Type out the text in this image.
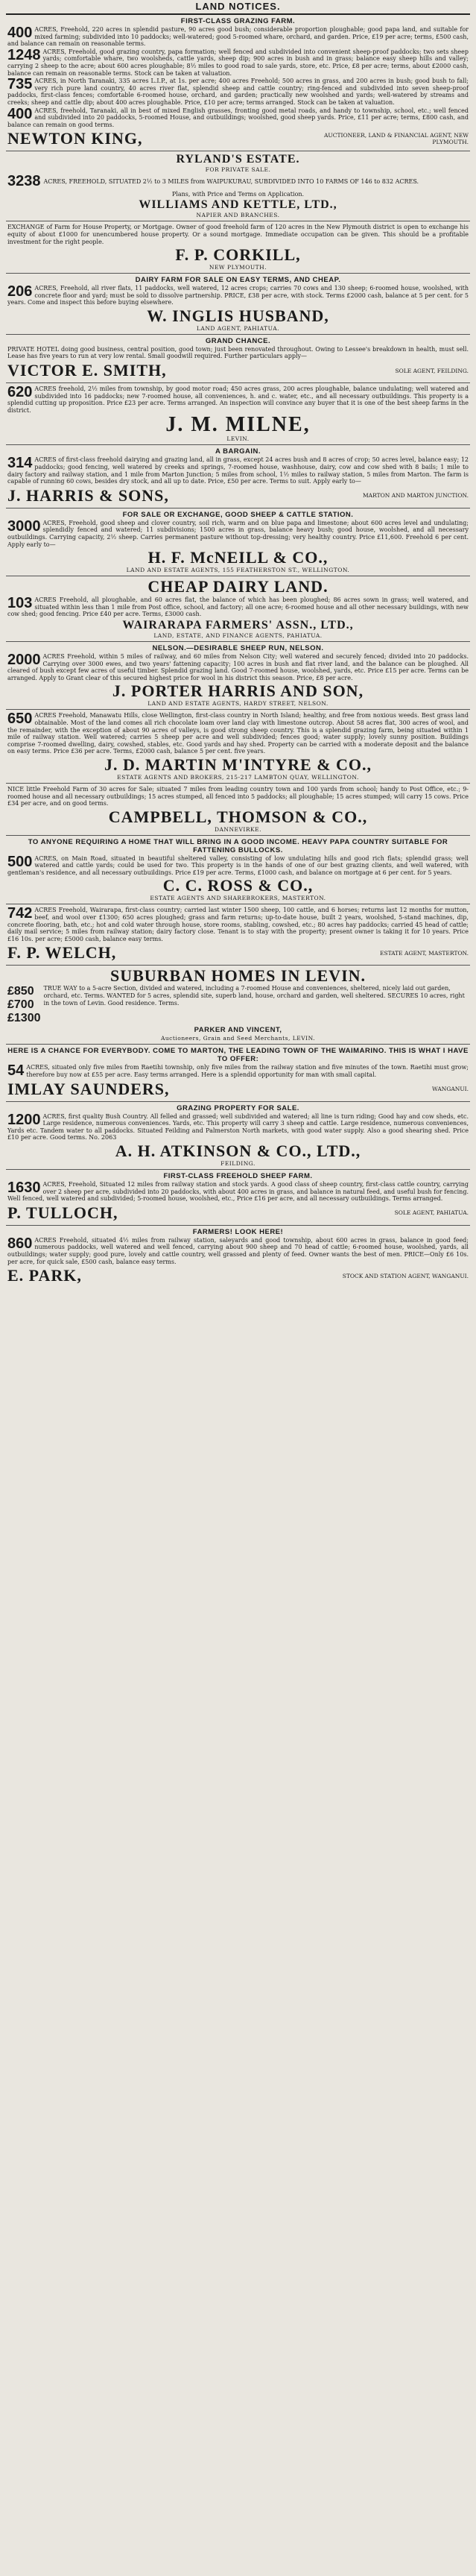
LAND NOTICES.
FIRST-CLASS GRAZING FARM.
400 ACRES, Freehold, 220 acres in splendid pasture, 90 acres good bush; considerable proportion ploughable; good papa land, and suitable for mixed farming; subdivided into 10 paddocks; well-watered; good 5-roomed whare, orchard, and garden. Price, £19 per acre; terms, £500 cash, and balance can remain on reasonable terms.
1248 ACRES, Freehold, good grazing country, papa formation; well fenced and subdivided into convenient sheep-proof paddocks; two sets sheep yards; comfortable whare, two woolsheds, cattle yards, sheep dip; 900 acres in bush and in grass; balance easy sheep hills and valley; carrying 2 sheep to the acre; about 600 acres ploughable; 8½ miles to good road to sale yards, store, etc. Price, £8 per acre; terms, about £2000 cash, balance can remain on reasonable terms. Stock can be taken at valuation.
735 ACRES, in North Taranaki, 335 acres L.I.P., at 1s. per acre; 400 acres Freehold; 500 acres in grass, and 200 acres in bush; good bush to fall; very rich pure land country, 40 acres river flat, splendid sheep and cattle country; ring-fenced and subdivided into seven sheep-proof paddocks, first-class fences; comfortable 6-roomed house, orchard, and garden; practically new woolshed and yards; well-watered by streams and creeks; sheep and cattle dip; about 400 acres ploughable. Price, £10 per acre; terms arranged. Stock can be taken at valuation.
400 ACRES, freehold, Taranaki, all in best of mixed English grasses, fronting good metal roads, and handy to township, school, etc.; well fenced and subdivided into 20 paddocks, 5-roomed House, and outbuildings; woolshed, good sheep yards. Price, £11 per acre; terms, £800 cash, and balance can remain on good terms.
NEWTON KING,	AUCTIONEER, LAND & FINANCIAL AGENT, NEW PLYMOUTH.
RYLAND'S ESTATE.
FOR PRIVATE SALE.
3238 ACRES, FREEHOLD, SITUATED 2½ to 3 MILES from WAIPUKURAU, SUBDIVIDED INTO 10 FARMS OF 146 to 832 ACRES.
Plans, with Price and Terms on Application.
WILLIAMS AND KETTLE, LTD.,
NAPIER AND BRANCHES.
EXCHANGE of Farm for House Property, or Mortgage. Owner of good freehold farm of 120 acres in the New Plymouth district is open to exchange his equity of about £1000 for unencumbered house property. Or a sound mortgage. Immediate occupation can be given. This should be a profitable investment for the right people.
F. P. CORKILL,
NEW PLYMOUTH.
DAIRY FARM FOR SALE ON EASY TERMS, AND CHEAP.
206 ACRES, Freehold, all river flats, 11 paddocks, well watered, 12 acres crops; carries 70 cows and 130 sheep; 6-roomed house, woolshed, with concrete floor and yard; must be sold to dissolve partnership. PRICE, £38 per acre, with stock. Terms £2000 cash, balance at 5 per cent. for 5 years. Come and inspect this before buying elsewhere.
W. INGLIS HUSBAND,
LAND AGENT, PAHIATUA.
GRAND CHANCE.
PRIVATE HOTEL doing good business, central position, good town; just been renovated throughout. Owing to Lessee's breakdown in health, must sell. Lease has five years to run at very low rental. Small goodwill required. Further particulars apply—
VICTOR E. SMITH,	SOLE AGENT, FEILDING.
620 ACRES freehold, 2½ miles from township, by good motor road; 450 acres grass, 200 acres ploughable, balance undulating; well watered and subdivided into 16 paddocks; new 7-roomed house, all conveniences, h. and c. water, etc., and all necessary outbuildings. This property is a splendid cutting up proposition. Price £23 per acre. Terms arranged. An inspection will convince any buyer that it is one of the best sheep farms in the district.
J. M. MILNE,
LEVIN.
A BARGAIN.
314 ACRES of first-class freehold dairying and grazing land, all in grass, except 24 acres bush and 8 acres of crop; 50 acres level, balance easy; 12 paddocks; good fencing, well watered by creeks and springs, 7-roomed house, washhouse, dairy, cow and cow shed with 8 bails; 1 mile to dairy factory and railway station, and 1 mile from Marton Junction; 5 miles from school, 1½ miles to railway station, 5 miles from Marton. The farm is capable of running 60 cows, besides dry stock, and all up to date. Price, £50 per acre. Terms to suit. Apply early to—
J. HARRIS & SONS,	MARTON AND MARTON JUNCTION.
FOR SALE OR EXCHANGE, GOOD SHEEP & CATTLE STATION.
3000 ACRES, Freehold, good sheep and clover country, soil rich, warm and on blue papa and limestone; about 600 acres level and undulating; splendidly fenced and watered; 11 subdivisions; 1500 acres in grass, balance heavy bush; good house, woolshed, and all necessary outbuildings. Carrying capacity, 2½ sheep. Carries permanent pasture without top-dressing; very healthy country. Price £11,600. Freehold 6 per cent. Apply early to—
H. F. McNEILL & CO.,
LAND AND ESTATE AGENTS, 155 FEATHERSTON ST., WELLINGTON.
CHEAP DAIRY LAND.
103 ACRES Freehold, all ploughable, and 60 acres flat, the balance of which has been ploughed; 86 acres sown in grass; well watered, and situated within less than 1 mile from Post office, school, and factory; all one acre; 6-roomed house and all other necessary buildings, with new cow shed; good fencing. Price £40 per acre. Terms, £3000 cash.
WAIRARAPA FARMERS' ASSN., LTD.,
LAND, ESTATE, AND FINANCE AGENTS, PAHIATUA.
NELSON.—DESIRABLE SHEEP RUN, NELSON.
2000 ACRES Freehold, within 5 miles of railway, and 60 miles from Nelson City; well watered and securely fenced; divided into 20 paddocks. Carrying over 3000 ewes, and two years' fattening capacity; 100 acres in bush and flat river land, and the balance can be ploughed. All cleared of bush except few acres of useful timber. Splendid grazing land. Good 7-roomed house, woolshed, yards, etc. Price £15 per acre. Terms can be arranged. Apply to Grant clear of this secured highest price for wool in his district this season. Price, £8 per acre.
J. PORTER HARRIS AND SON,
LAND AND ESTATE AGENTS, HARDY STREET, NELSON.
650 ACRES Freehold, Manawatu Hills, close Wellington, first-class country in North Island; healthy, and free from noxious weeds. Best grass land obtainable. Most of the land comes all rich chocolate loam over land clay with limestone outcrop. About 58 acres flat, 300 acres of wool, and the remainder, with the exception of about 90 acres of valleys, is good strong sheep country. This is a splendid grazing farm, being situated within 1 mile of railway station. Well watered; carries 5 sheep per acre and well subdivided; fences good; water supply; lovely sunny position. Buildings comprise 7-roomed dwelling, dairy, cowshed, stables, etc. Good yards and hay shed. Property can be carried with a moderate deposit and the balance on easy terms. Price £36 per acre. Terms, £2000 cash, balance 5 per cent. five years.
J. D. MARTIN M'INTYRE & CO.,
ESTATE AGENTS AND BROKERS, 215-217 LAMBTON QUAY, WELLINGTON.
NICE little Freehold Farm of 30 acres for Sale; situated 7 miles from leading country town and 100 yards from school; handy to Post Office, etc.; 9-roomed house and all necessary outbuildings; 15 acres stumped, all fenced into 5 paddocks; all ploughable; 15 acres stumped; will carry 15 cows. Price £34 per acre, and on good terms.
CAMPBELL, THOMSON & CO.,
DANNEVIRKE.
TO ANYONE REQUIRING A HOME THAT WILL BRING IN A GOOD INCOME. HEAVY PAPA COUNTRY SUITABLE FOR FATTENING BULLOCKS.
500 ACRES, on Main Road, situated in beautiful sheltered valley, consisting of low undulating hills and good rich flats; splendid grass; well watered and cattle yards; could be used for two. This property is in the hands of one of our best grazing clients, and well watered, with gentleman's residence, and all necessary outbuildings. Price £19 per acre. Terms, £1000 cash, and balance on mortgage at 6 per cent. for 5 years.
C. C. ROSS & CO.,
ESTATE AGENTS AND SHAREBROKERS, MASTERTON.
742 ACRES Freehold, Wairarapa, first-class country; carried last winter 1500 sheep, 100 cattle, and 6 horses; returns last 12 months for mutton, beef, and wool over £1300; 650 acres ploughed; grass and farm returns; up-to-date house, built 2 years, woolshed, 5-stand machines, dip, concrete flooring, bath, etc.; hot and cold water through house, store rooms, stabling, cowshed, etc.; 80 acres hay paddocks; carried 45 head of cattle; daily mail service; 5 miles from railway station; dairy factory close. Tenant is to stay with the property; present owner is taking it for 10 years. Price £16 10s. per acre; £5000 cash, balance easy terms.
F. P. WELCH,	ESTATE AGENT, MASTERTON.
SUBURBAN HOMES IN LEVIN.
£850
£700
£1300
TRUE WAY to a 5-acre Section, divided and watered, including a 7-roomed House and conveniences, sheltered, nicely laid out garden, orchard, etc. Terms. WANTED for 5 acres, splendid site, superb land, house, orchard and garden, well sheltered. SECURES 10 acres, right in the town of Levin. Good residence. Terms.
PARKER AND VINCENT,
Auctioneers, Grain and Seed Merchants, LEVIN.
HERE IS A CHANCE FOR EVERYBODY. COME TO MARTON, THE LEADING TOWN OF THE WAIMARINO. THIS IS WHAT I HAVE TO OFFER:
54 ACRES, situated only five miles from Raetihi township, only five miles from the railway station and five minutes of the town. Raetihi must grow; therefore buy now at £55 per acre. Easy terms arranged. Here is a splendid opportunity for man with small capital.
IMLAY SAUNDERS,	WANGANUI.
GRAZING PROPERTY FOR SALE.
1200 ACRES, first quality Bush Country. All felled and grassed; well subdivided and watered; all line is turn riding; Good hay and cow sheds, etc. Large residence, numerous conveniences. Yards, etc. This property will carry 3 sheep and cattle. Large residence, numerous conveniences, Yards etc. Tandem water to all paddocks. Situated Feilding and Palmerston North markets, with good water supply. Also a good shearing shed. Price £10 per acre. Good terms. No. 2063
A. H. ATKINSON & CO., LTD.,
FEILDING.
FIRST-CLASS FREEHOLD SHEEP FARM.
1630 ACRES, Freehold, Situated 12 miles from railway station and stock yards. A good class of sheep country, first-class cattle country, carrying over 2 sheep per acre, subdivided into 20 paddocks, with about 400 acres in grass, and balance in natural feed, and useful bush for fencing. Well fenced, well watered and subdivided; 5-roomed house, woolshed, etc., Price £16 per acre, and all necessary outbuildings. Terms arranged.
P. TULLOCH,	SOLE AGENT, PAHIATUA.
FARMERS! LOOK HERE!
860 ACRES Freehold, situated 4½ miles from railway station, saleyards and good township, about 600 acres in grass, balance in good feed; numerous paddocks, well watered and well fenced, carrying about 900 sheep and 70 head of cattle; 6-roomed house, woolshed, yards, all outbuildings; water supply; good pure, lovely and cattle country, well grassed and plenty of feed. Owner wants the best of men. PRICE—Only £6 10s. per acre, for quick sale, £500 cash, balance easy terms.
E. PARK,	STOCK AND STATION AGENT, WANGANUI.
